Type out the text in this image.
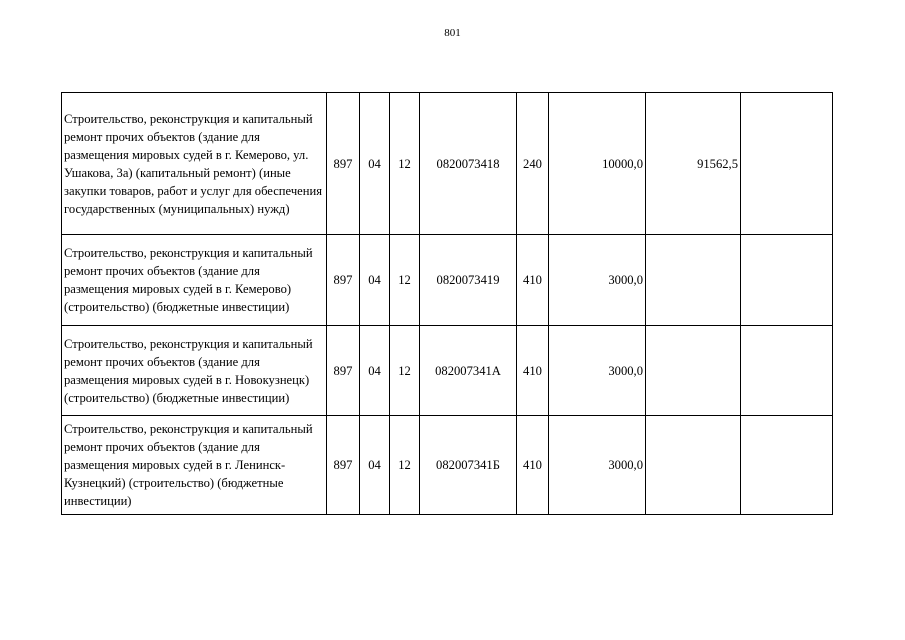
801
Строительство, реконструкция и капитальный ремонт прочих объектов (здание для размещения мировых судей в г. Кемерово, ул. Ушакова, 3а) (капитальный ремонт) (иные закупки товаров, работ и услуг для обеспечения государственных (муниципальных) нужд)	897	04	12	0820073418	240	10000,0	91562,5	
Строительство, реконструкция и капитальный ремонт прочих объектов (здание для размещения мировых судей в г. Кемерово) (строительство) (бюджетные инвестиции)	897	04	12	0820073419	410	3000,0		
Строительство, реконструкция и капитальный ремонт прочих объектов (здание для размещения мировых судей в г. Новокузнецк) (строительство) (бюджетные инвестиции)	897	04	12	082007341А	410	3000,0		
Строительство, реконструкция и капитальный ремонт прочих объектов (здание для размещения мировых судей в г. Ленинск-Кузнецкий) (строительство) (бюджетные инвестиции)	897	04	12	082007341Б	410	3000,0		
